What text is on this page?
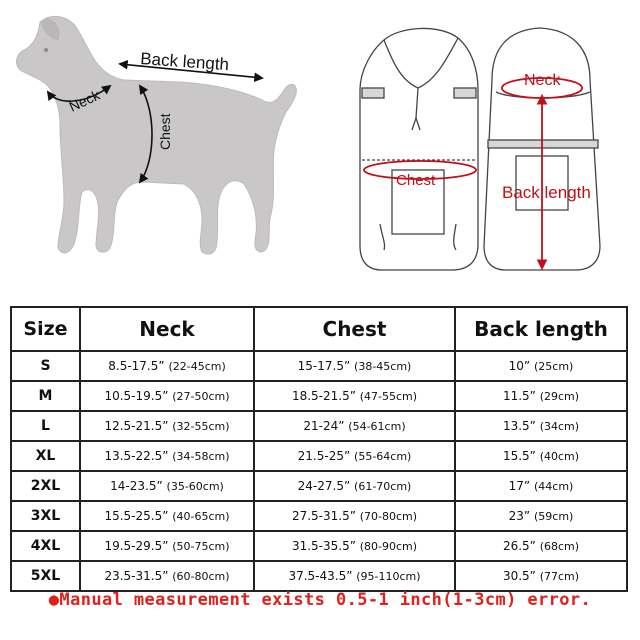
Back length
Neck
Chest
Chest
Neck
Back length
Size	Neck	Chest	Back length
S	8.5-17.5” (22-45cm)	15-17.5” (38-45cm)	10” (25cm)
M	10.5-19.5” (27-50cm)	18.5-21.5” (47-55cm)	11.5” (29cm)
L	12.5-21.5” (32-55cm)	21-24” (54-61cm)	13.5” (34cm)
XL	13.5-22.5” (34-58cm)	21.5-25” (55-64cm)	15.5” (40cm)
2XL	14-23.5” (35-60cm)	24-27.5” (61-70cm)	17” (44cm)
3XL	15.5-25.5” (40-65cm)	27.5-31.5” (70-80cm)	23” (59cm)
4XL	19.5-29.5” (50-75cm)	31.5-35.5” (80-90cm)	26.5” (68cm)
5XL	23.5-31.5” (60-80cm)	37.5-43.5” (95-110cm)	30.5” (77cm)
●Manual measurement exists 0.5-1 inch(1-3cm) error.
